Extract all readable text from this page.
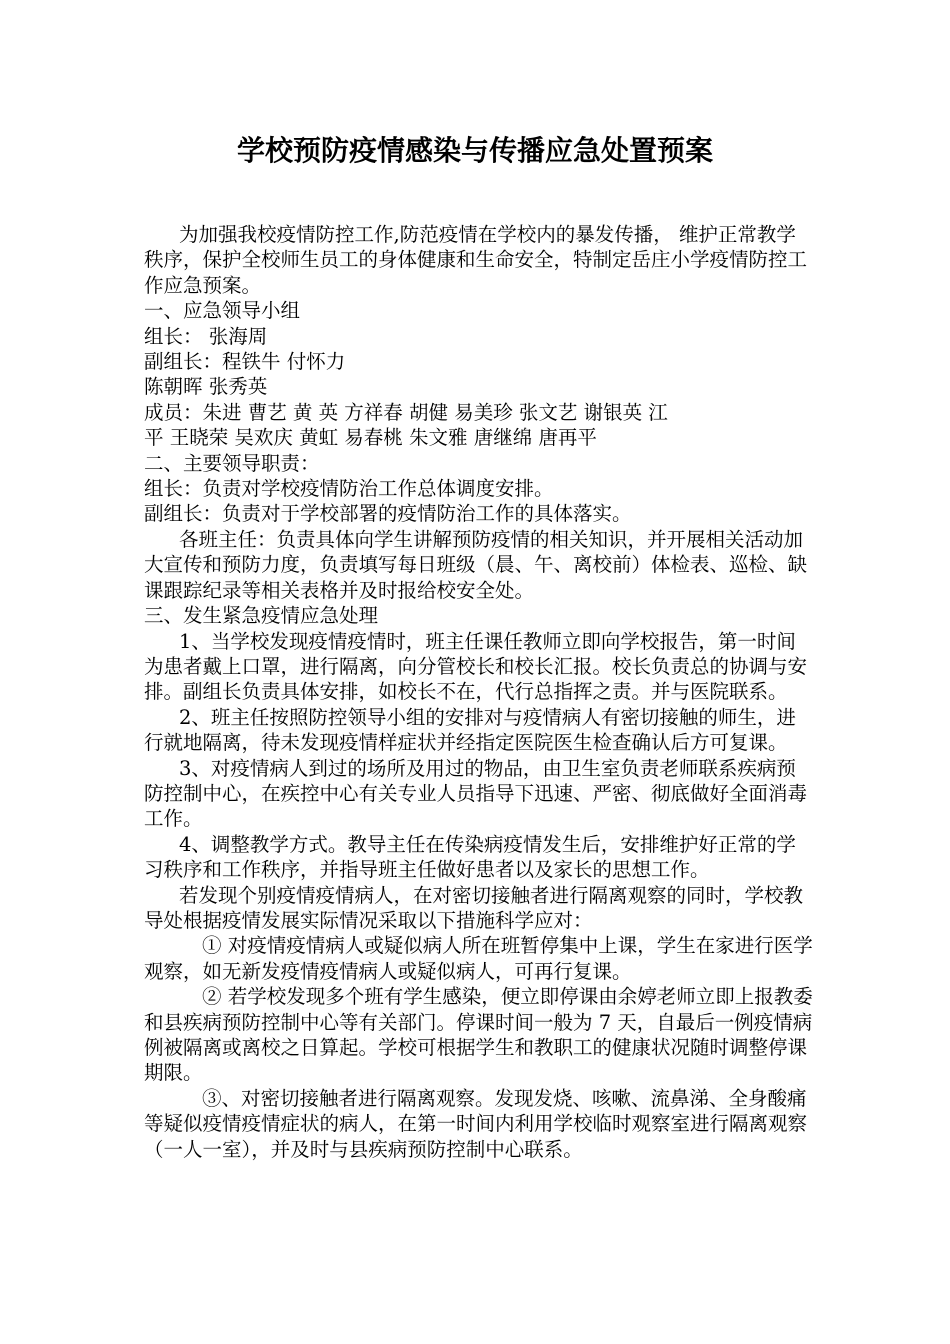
学校预防疫情感染与传播应急处置预案

为加强我校疫情防控工作,防范疫情在学校内的暴发传播， 维护正常教学秩序，保护全校师生员工的身体健康和生命安全，特制定岳庄小学疫情防控工作应急预案。

一、应急领导小组

组长： 张海周

副组长：程铁牛 付怀力

陈朝晖 张秀英

成员：朱进 曹艺 黄 英 方祥春 胡健 易美珍 张文艺 谢银英 江

平 王晓荣 吴欢庆 黄虹 易春桃 朱文雅 唐继绵 唐再平

二、主要领导职责：

组长：负责对学校疫情防治工作总体调度安排。

副组长：负责对于学校部署的疫情防治工作的具体落实。

各班主任：负责具体向学生讲解预防疫情的相关知识，并开展相关活动加大宣传和预防力度，负责填写每日班级（晨、午、离校前）体检表、巡检、缺课跟踪纪录等相关表格并及时报给校安全处。

三、发生紧急疫情应急处理

1、当学校发现疫情疫情时，班主任课任教师立即向学校报告，第一时间为患者戴上口罩，进行隔离，向分管校长和校长汇报。校长负责总的协调与安排。副组长负责具体安排，如校长不在，代行总指挥之责。并与医院联系。

2、班主任按照防控领导小组的安排对与疫情病人有密切接触的师生，进行就地隔离，待未发现疫情样症状并经指定医院医生检查确认后方可复课。

3、对疫情病人到过的场所及用过的物品，由卫生室负责老师联系疾病预防控制中心，在疾控中心有关专业人员指导下迅速、严密、彻底做好全面消毒工作。

4、调整教学方式。教导主任在传染病疫情发生后，安排维护好正常的学习秩序和工作秩序，并指导班主任做好患者以及家长的思想工作。

若发现个别疫情疫情病人，在对密切接触者进行隔离观察的同时，学校教导处根据疫情发展实际情况采取以下措施科学应对：

① 对疫情疫情病人或疑似病人所在班暂停集中上课，学生在家进行医学观察，如无新发疫情疫情病人或疑似病人，可再行复课。

② 若学校发现多个班有学生感染，便立即停课由余婷老师立即上报教委和县疾病预防控制中心等有关部门。停课时间一般为 7 天，自最后一例疫情病例被隔离或离校之日算起。学校可根据学生和教职工的健康状况随时调整停课期限。

③、对密切接触者进行隔离观察。发现发烧、咳嗽、流鼻涕、全身酸痛等疑似疫情疫情症状的病人，在第一时间内利用学校临时观察室进行隔离观察（一人一室），并及时与县疾病预防控制中心联系。
